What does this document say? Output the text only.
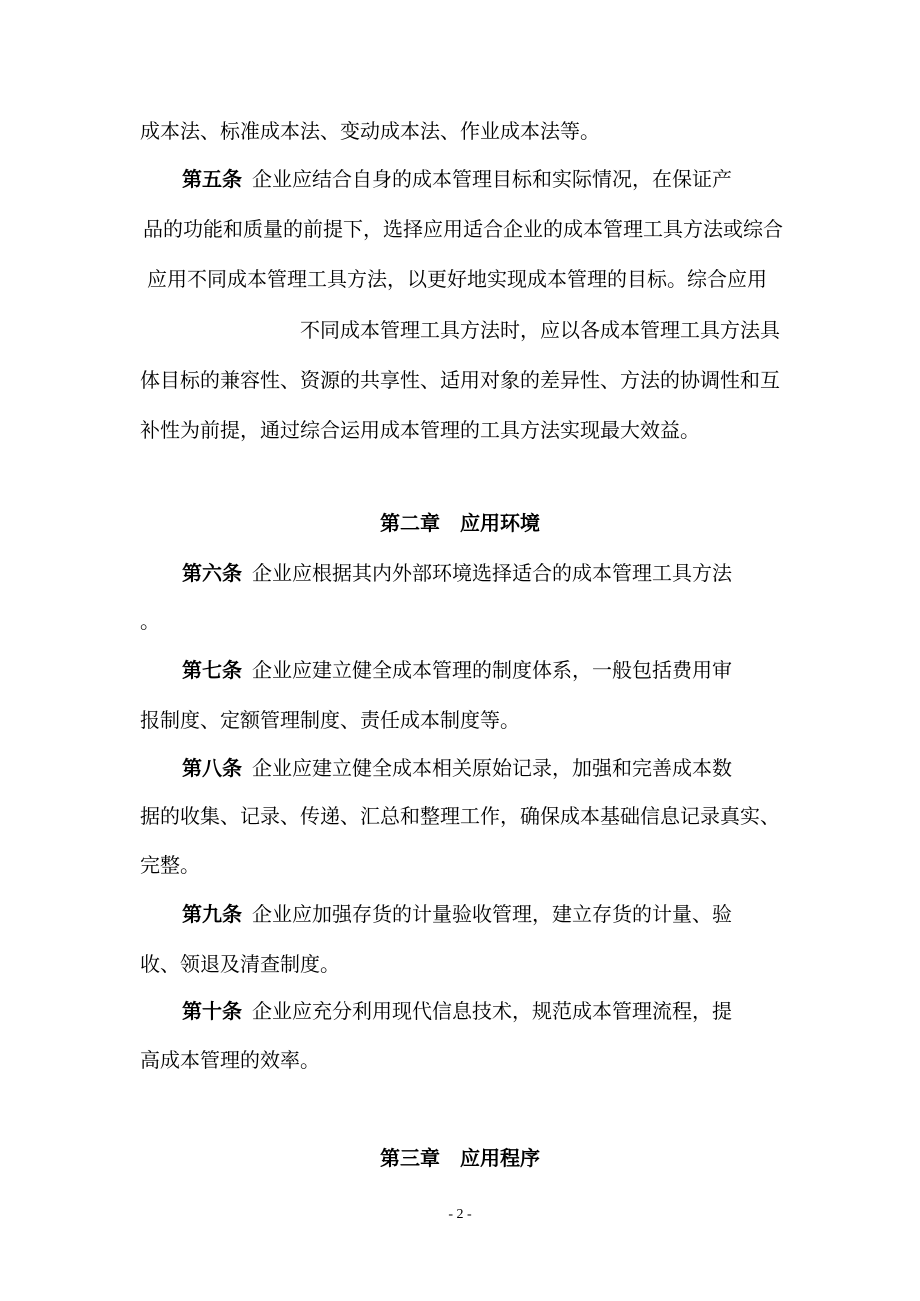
成本法、标准成本法、变动成本法、作业成本法等。
第五条 企业应结合自身的成本管理目标和实际情况，在保证产
品的功能和质量的前提下，选择应用适合企业的成本管理工具方法或综合
应用不同成本管理工具方法，以更好地实现成本管理的目标。综合应用
不同成本管理工具方法时，应以各成本管理工具方法具
体目标的兼容性、资源的共享性、适用对象的差异性、方法的协调性和互
补性为前提，通过综合运用成本管理的工具方法实现最大效益。
第二章　应用环境
第六条 企业应根据其内外部环境选择适合的成本管理工具方法
。
第七条 企业应建立健全成本管理的制度体系，一般包括费用审
报制度、定额管理制度、责任成本制度等。
第八条 企业应建立健全成本相关原始记录，加强和完善成本数
据的收集、记录、传递、汇总和整理工作，确保成本基础信息记录真实、
完整。
第九条 企业应加强存货的计量验收管理，建立存货的计量、验
收、领退及清查制度。
第十条 企业应充分利用现代信息技术，规范成本管理流程，提
高成本管理的效率。
第三章　应用程序
- 2 -
